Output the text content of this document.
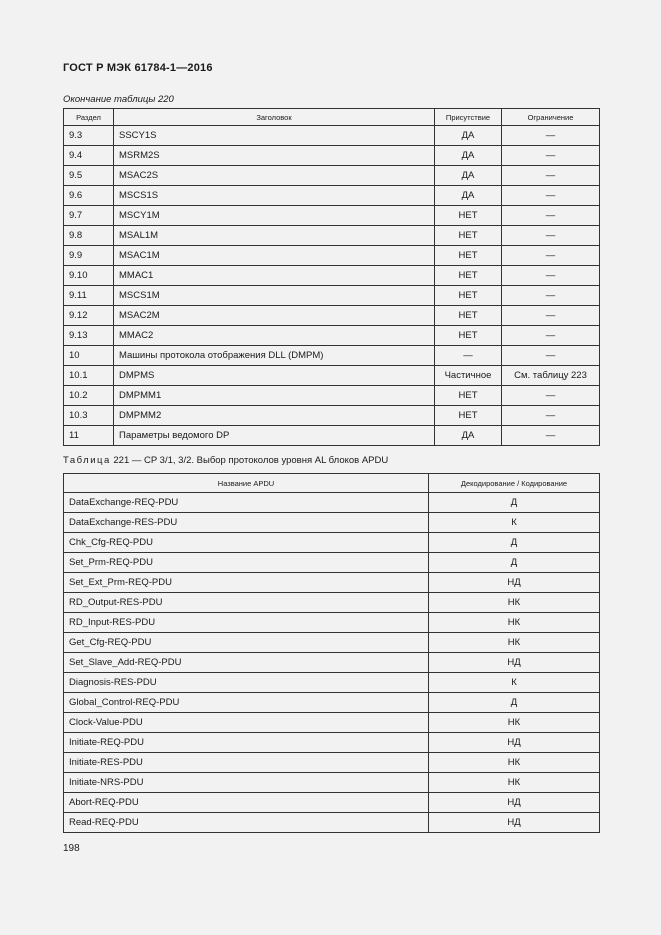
ГОСТ Р МЭК 61784-1—2016
Окончание таблицы 220
Раздел	Заголовок	Присутствие	Ограничение
9.3	SSCY1S	ДА	—
9.4	MSRM2S	ДА	—
9.5	MSAC2S	ДА	—
9.6	MSCS1S	ДА	—
9.7	MSCY1M	НЕТ	—
9.8	MSAL1M	НЕТ	—
9.9	MSAC1M	НЕТ	—
9.10	MMAC1	НЕТ	—
9.11	MSCS1M	НЕТ	—
9.12	MSAC2M	НЕТ	—
9.13	MMAC2	НЕТ	—
10	Машины протокола отображения DLL (DMPM)	—	—
10.1	DMPMS	Частичное	См. таблицу 223
10.2	DMPMM1	НЕТ	—
10.3	DMPMM2	НЕТ	—
11	Параметры ведомого DP	ДА	—
Таблица 221 — CP 3/1, 3/2. Выбор протоколов уровня AL блоков APDU
Название APDU	Декодирование / Кодирование
DataExchange-REQ-PDU	Д
DataExchange-RES-PDU	К
Chk_Cfg-REQ-PDU	Д
Set_Prm-REQ-PDU	Д
Set_Ext_Prm-REQ-PDU	НД
RD_Output-RES-PDU	НК
RD_Input-RES-PDU	НК
Get_Cfg-REQ-PDU	НК
Set_Slave_Add-REQ-PDU	НД
Diagnosis-RES-PDU	К
Global_Control-REQ-PDU	Д
Clock-Value-PDU	НК
Initiate-REQ-PDU	НД
Initiate-RES-PDU	НК
Initiate-NRS-PDU	НК
Abort-REQ-PDU	НД
Read-REQ-PDU	НД
198
